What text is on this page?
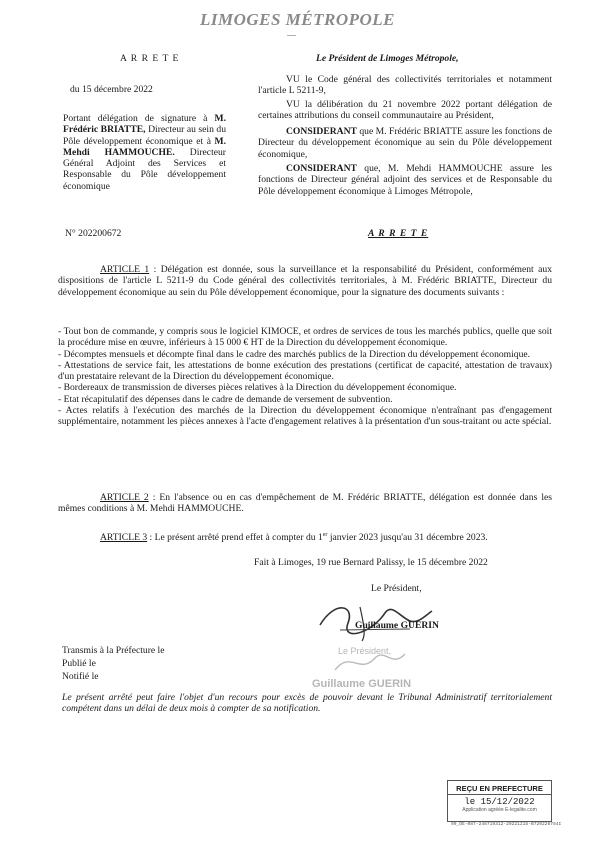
LIMOGES MÉTROPOLE
—
A R R E T E
du 15 décembre 2022
Portant délégation de signature à M. Frédéric BRIATTE, Directeur au sein du Pôle développement économique et à M. Mehdi HAMMOUCHE. Directeur Général Adjoint des Services et Responsable du Pôle développement économique
N° 202200672
Le Président de Limoges Métropole,
VU le Code général des collectivités territoriales et notamment l'article L 5211-9,
VU la délibération du 21 novembre 2022 portant délégation de certaines attributions du conseil communautaire au Président,
CONSIDERANT que M. Frédéric BRIATTE assure les fonctions de Directeur du développement économique au sein du Pôle développement économique,
CONSIDERANT que, M. Mehdi HAMMOUCHE assure les fonctions de Directeur général adjoint des services et de Responsable du Pôle développement économique à Limoges Métropole,
A R R E T E
ARTICLE 1 : Délégation est donnée, sous la surveillance et la responsabilité du Président, conformément aux dispositions de l'article L 5211-9 du Code général des collectivités territoriales, à M. Frédéric BRIATTE, Directeur du développement économique au sein du Pôle développement économique, pour la signature des documents suivants :
- Tout bon de commande, y compris sous le logiciel KIMOCE, et ordres de services de tous les marchés publics, quelle que soit la procédure mise en œuvre, inférieurs à 15 000 € HT de la Direction du développement économique.
- Décomptes mensuels et décompte final dans le cadre des marchés publics de la Direction du développement économique.
- Attestations de service fait, les attestations de bonne exécution des prestations (certificat de capacité, attestation de travaux) d'un prestataire relevant de la Direction du développement économique.
- Bordereaux de transmission de diverses pièces relatives à la Direction du développement économique.
- Etat récapitulatif des dépenses dans le cadre de demande de versement de subvention.
- Actes relatifs à l'exécution des marchés de la Direction du développement économique n'entraînant pas d'engagement supplémentaire, notamment les pièces annexes à l'acte d'engagement relatives à la présentation d'un sous-traitant ou acte spécial.
ARTICLE 2 : En l'absence ou en cas d'empêchement de M. Frédéric BRIATTE, délégation est donnée dans les mêmes conditions à M. Mehdi HAMMOUCHE.
ARTICLE 3 : Le présent arrêté prend effet à compter du 1er janvier 2023 jusqu'au 31 décembre 2023.
Fait à Limoges, 19 rue Bernard Palissy, le 15 décembre 2022
Le Président,
Guillaume GUERIN
Le Président,
Guillaume GUERIN
Transmis à la Préfecture le
Publié le
Notifié le
Le présent arrêté peut faire l'objet d'un recours pour excès de pouvoir devant le Tribunal Administratif territorialement compétent dans un délai de deux mois à compter de sa notification.
REÇU EN PREFECTURE
le 15/12/2022
Application agréée E-legalite.com
99_DE-087-248719312-20221215-B720226784I
